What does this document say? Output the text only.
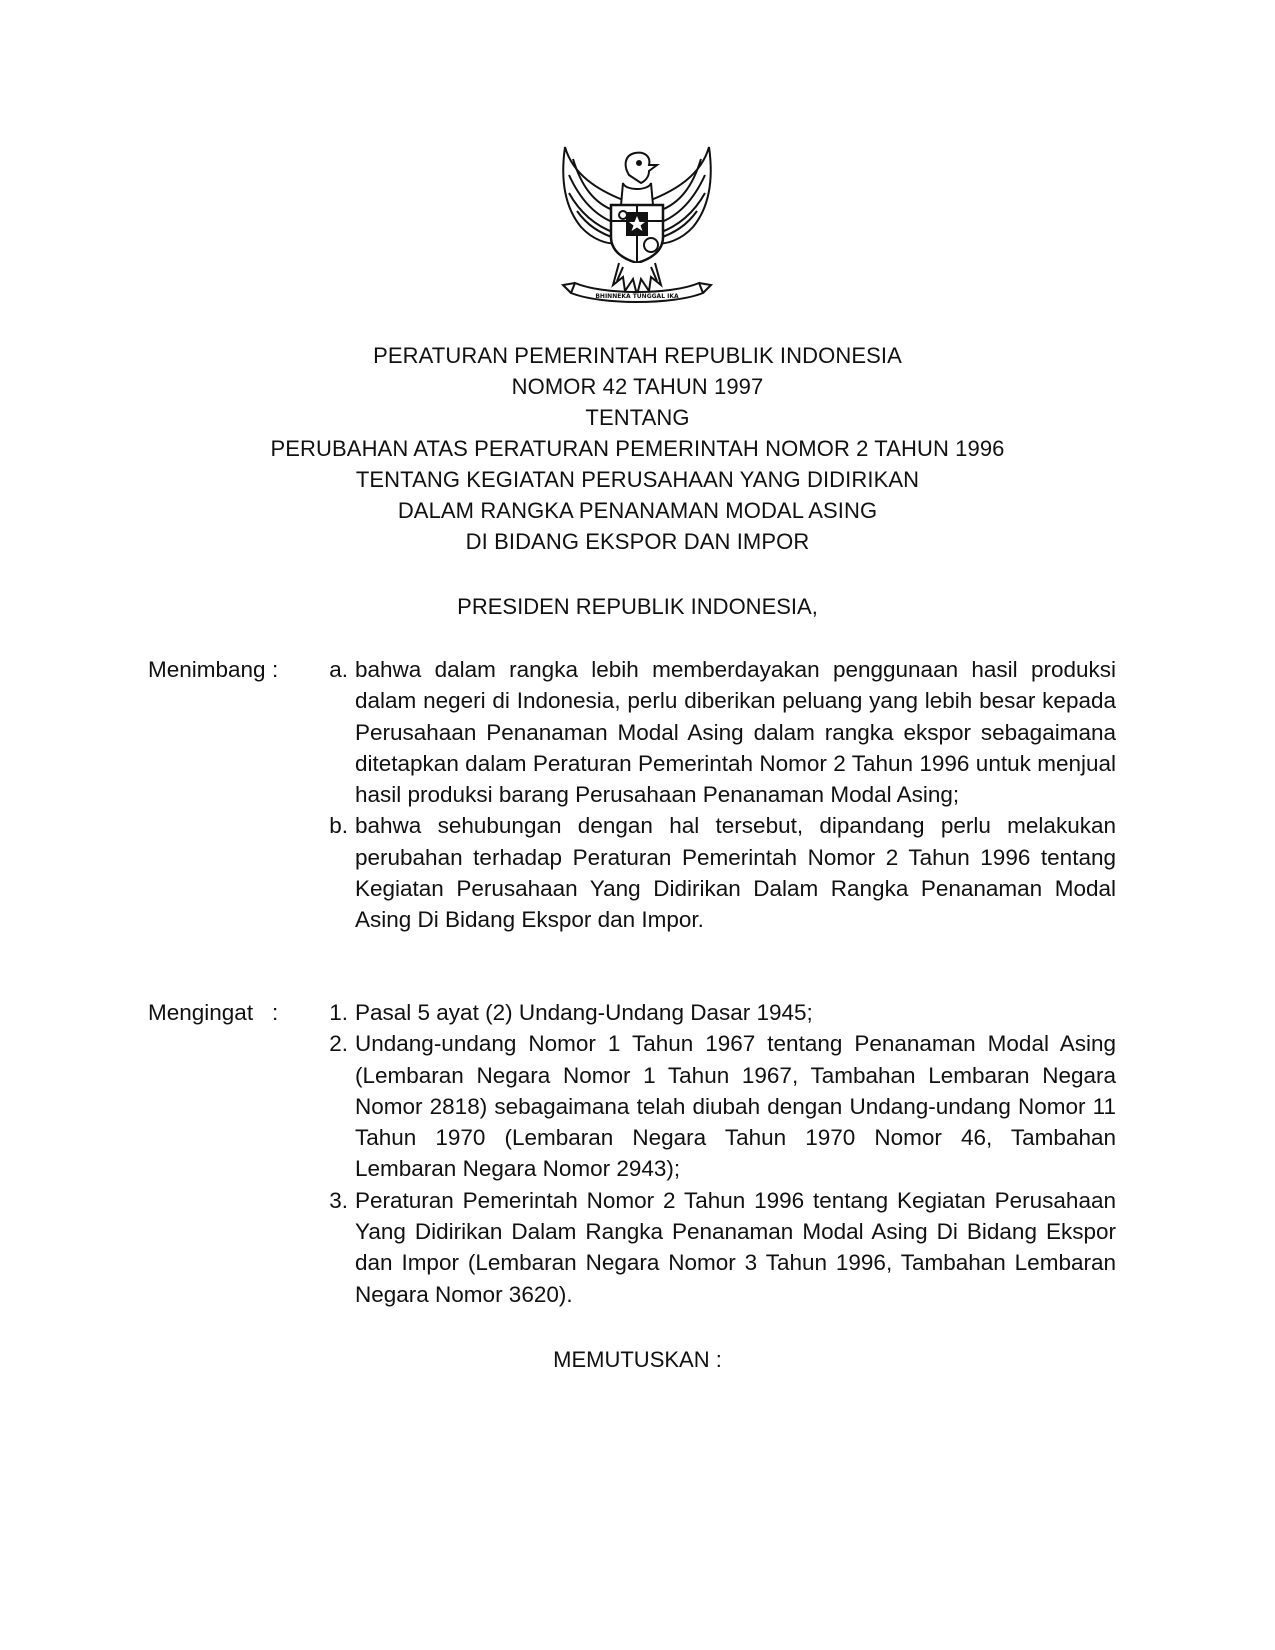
BHINNEKA TUNGGAL IKA
PERATURAN PEMERINTAH REPUBLIK INDONESIA
NOMOR 42 TAHUN 1997
TENTANG
PERUBAHAN ATAS PERATURAN PEMERINTAH NOMOR 2 TAHUN 1996
TENTANG KEGIATAN PERUSAHAAN YANG DIDIRIKAN
DALAM RANGKA PENANAMAN MODAL ASING
DI BIDANG EKSPOR DAN IMPOR
PRESIDEN REPUBLIK INDONESIA,
Menimbang :	a. bahwa dalam rangka lebih memberdayakan penggunaan hasil produksi dalam negeri di Indonesia, perlu diberikan peluang yang lebih besar kepada Perusahaan Penanaman Modal Asing dalam rangka ekspor sebagaimana ditetapkan dalam Peraturan Pemerintah Nomor 2 Tahun 1996 untuk menjual hasil produksi barang Perusahaan Penanaman Modal Asing;

b. bahwa sehubungan dengan hal tersebut, dipandang perlu melakukan perubahan terhadap Peraturan Pemerintah Nomor 2 Tahun 1996 tentang Kegiatan Perusahaan Yang Didirikan Dalam Rangka Penanaman Modal Asing Di Bidang Ekspor dan Impor.

Mengingat :	1. Pasal 5 ayat (2) Undang-Undang Dasar 1945;

2. Undang-undang Nomor 1 Tahun 1967 tentang Penanaman Modal Asing (Lembaran Negara Nomor 1 Tahun 1967, Tambahan Lembaran Negara Nomor 2818) sebagaimana telah diubah dengan Undang-undang Nomor 11 Tahun 1970 (Lembaran Negara Tahun 1970 Nomor 46, Tambahan Lembaran Negara Nomor 2943);

3. Peraturan Pemerintah Nomor 2 Tahun 1996 tentang Kegiatan Perusahaan Yang Didirikan Dalam Rangka Penanaman Modal Asing Di Bidang Ekspor dan Impor (Lembaran Negara Nomor 3 Tahun 1996, Tambahan Lembaran Negara Nomor 3620).

MEMUTUSKAN :
